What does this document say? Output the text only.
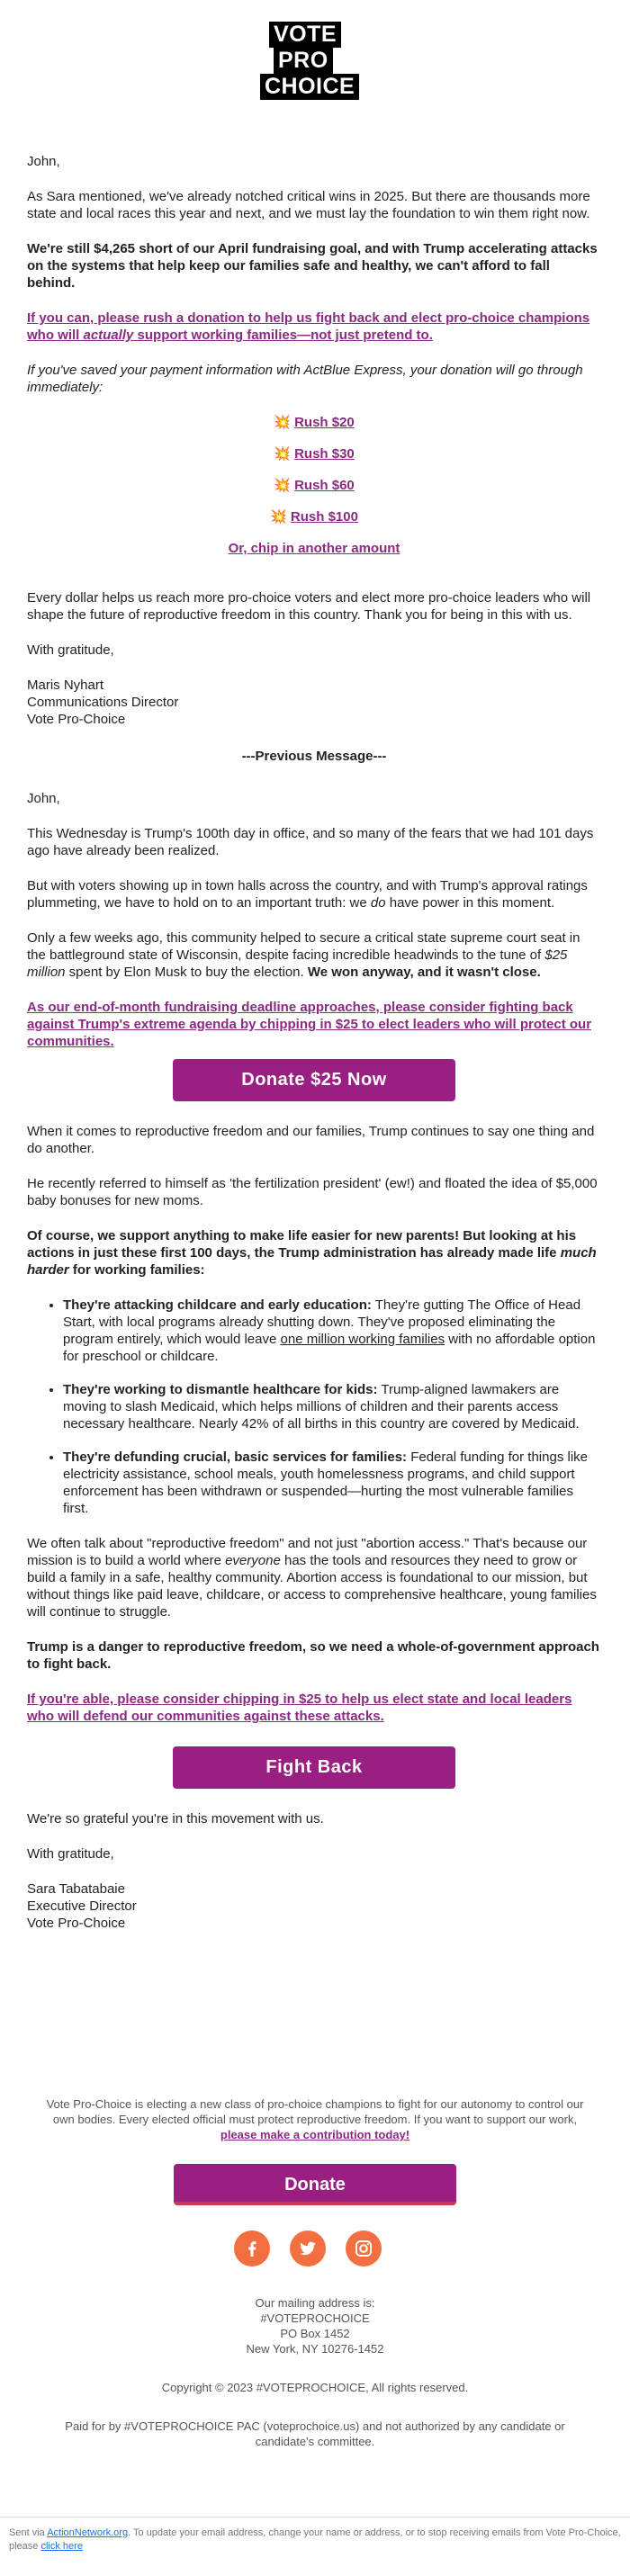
VOTE
PRO
CHOICE

John,

As Sara mentioned, we've already notched critical wins in 2025. But there are thousands more state and local races this year and next, and we must lay the foundation to win them right now.

We're still $4,265 short of our April fundraising goal, and with Trump accelerating attacks on the systems that help keep our families safe and healthy, we can't afford to fall behind.

If you can, please rush a donation to help us fight back and elect pro-choice champions who will actually support working families—not just pretend to.

If you've saved your payment information with ActBlue Express, your donation will go through immediately:

💥 Rush $20
💥 Rush $30
💥 Rush $60
💥 Rush $100
Or, chip in another amount

Every dollar helps us reach more pro-choice voters and elect more pro-choice leaders who will shape the future of reproductive freedom in this country. Thank you for being in this with us.

With gratitude,

Maris Nyhart
Communications Director
Vote Pro-Choice

---Previous Message---

John,

This Wednesday is Trump's 100th day in office, and so many of the fears that we had 101 days ago have already been realized.

But with voters showing up in town halls across the country, and with Trump's approval ratings plummeting, we have to hold on to an important truth: we do have power in this moment.

Only a few weeks ago, this community helped to secure a critical state supreme court seat in the battleground state of Wisconsin, despite facing incredible headwinds to the tune of $25 million spent by Elon Musk to buy the election. We won anyway, and it wasn't close.

As our end-of-month fundraising deadline approaches, please consider fighting back against Trump's extreme agenda by chipping in $25 to elect leaders who will protect our communities.

Donate $25 Now

When it comes to reproductive freedom and our families, Trump continues to say one thing and do another.

He recently referred to himself as 'the fertilization president' (ew!) and floated the idea of $5,000 baby bonuses for new moms.

Of course, we support anything to make life easier for new parents! But looking at his actions in just these first 100 days, the Trump administration has already made life much harder for working families:

• They're attacking childcare and early education: They're gutting The Office of Head Start, with local programs already shutting down. They've proposed eliminating the program entirely, which would leave one million working families with no affordable option for preschool or childcare.
• They're working to dismantle healthcare for kids: Trump-aligned lawmakers are moving to slash Medicaid, which helps millions of children and their parents access necessary healthcare. Nearly 42% of all births in this country are covered by Medicaid.
• They're defunding crucial, basic services for families: Federal funding for things like electricity assistance, school meals, youth homelessness programs, and child support enforcement has been withdrawn or suspended—hurting the most vulnerable families first.

We often talk about "reproductive freedom" and not just "abortion access." That's because our mission is to build a world where everyone has the tools and resources they need to grow or build a family in a safe, healthy community. Abortion access is foundational to our mission, but without things like paid leave, childcare, or access to comprehensive healthcare, young families will continue to struggle.

Trump is a danger to reproductive freedom, so we need a whole-of-government approach to fight back.

If you're able, please consider chipping in $25 to help us elect state and local leaders who will defend our communities against these attacks.

Fight Back

We're so grateful you're in this movement with us.

With gratitude,

Sara Tabatabaie
Executive Director
Vote Pro-Choice

Vote Pro-Choice is electing a new class of pro-choice champions to fight for our autonomy to control our own bodies. Every elected official must protect reproductive freedom. If you want to support our work, please make a contribution today!
Donate
Our mailing address is:
#VOTEPROCHOICE
PO Box 1452
New York, NY 10276-1452
Copyright © 2023 #VOTEPROCHOICE, All rights reserved.
Paid for by #VOTEPROCHOICE PAC (voteprochoice.us) and not authorized by any candidate or candidate's committee.
Sent via ActionNetwork.org. To update your email address, change your name or address, or to stop receiving emails from Vote Pro-Choice, please click here
